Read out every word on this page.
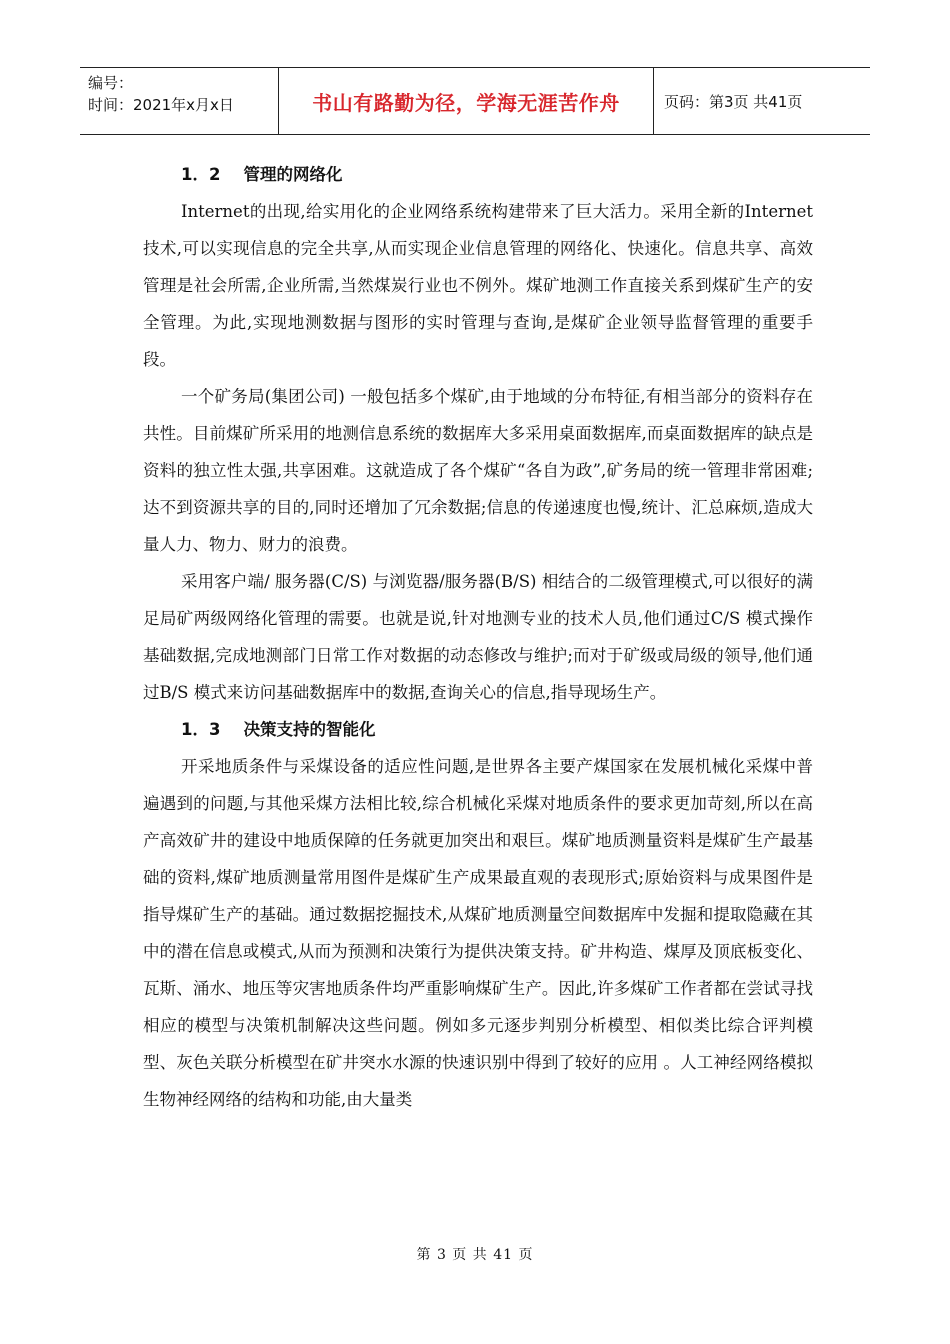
编号：
时间：2021年x月x日	书山有路勤为径，学海无涯苦作舟	页码：第3页 共41页
1．2    管理的网络化

Internet的出现,给实用化的企业网络系统构建带来了巨大活力。采用全新的Internet 技术,可以实现信息的完全共享,从而实现企业信息管理的网络化、快速化。信息共享、高效管理是社会所需,企业所需,当然煤炭行业也不例外。煤矿地测工作直接关系到煤矿生产的安全管理。为此,实现地测数据与图形的实时管理与查询,是煤矿企业领导监督管理的重要手段。

一个矿务局(集团公司) 一般包括多个煤矿,由于地域的分布特征,有相当部分的资料存在共性。目前煤矿所采用的地测信息系统的数据库大多采用桌面数据库,而桌面数据库的缺点是资料的独立性太强,共享困难。这就造成了各个煤矿“各自为政”,矿务局的统一管理非常困难;达不到资源共享的目的,同时还增加了冗余数据;信息的传递速度也慢,统计、汇总麻烦,造成大量人力、物力、财力的浪费。

采用客户端/ 服务器(C/S) 与浏览器/服务器(B/S) 相结合的二级管理模式,可以很好的满足局矿两级网络化管理的需要。也就是说,针对地测专业的技术人员,他们通过C/S 模式操作基础数据,完成地测部门日常工作对数据的动态修改与维护;而对于矿级或局级的领导,他们通过B/S 模式来访问基础数据库中的数据,查询关心的信息,指导现场生产。

1．3    决策支持的智能化

开采地质条件与采煤设备的适应性问题,是世界各主要产煤国家在发展机械化采煤中普遍遇到的问题,与其他采煤方法相比较,综合机械化采煤对地质条件的要求更加苛刻,所以在高产高效矿井的建设中地质保障的任务就更加突出和艰巨。煤矿地质测量资料是煤矿生产最基础的资料,煤矿地质测量常用图件是煤矿生产成果最直观的表现形式;原始资料与成果图件是指导煤矿生产的基础。通过数据挖掘技术,从煤矿地质测量空间数据库中发掘和提取隐藏在其中的潜在信息或模式,从而为预测和决策行为提供决策支持。矿井构造、煤厚及顶底板变化、瓦斯、涌水、地压等灾害地质条件均严重影响煤矿生产。因此,许多煤矿工作者都在尝试寻找相应的模型与决策机制解决这些问题。例如多元逐步判别分析模型、相似类比综合评判模型、灰色关联分析模型在矿井突水水源的快速识别中得到了较好的应用 。人工神经网络模拟生物神经网络的结构和功能,由大量类

第 3 页 共 41 页
